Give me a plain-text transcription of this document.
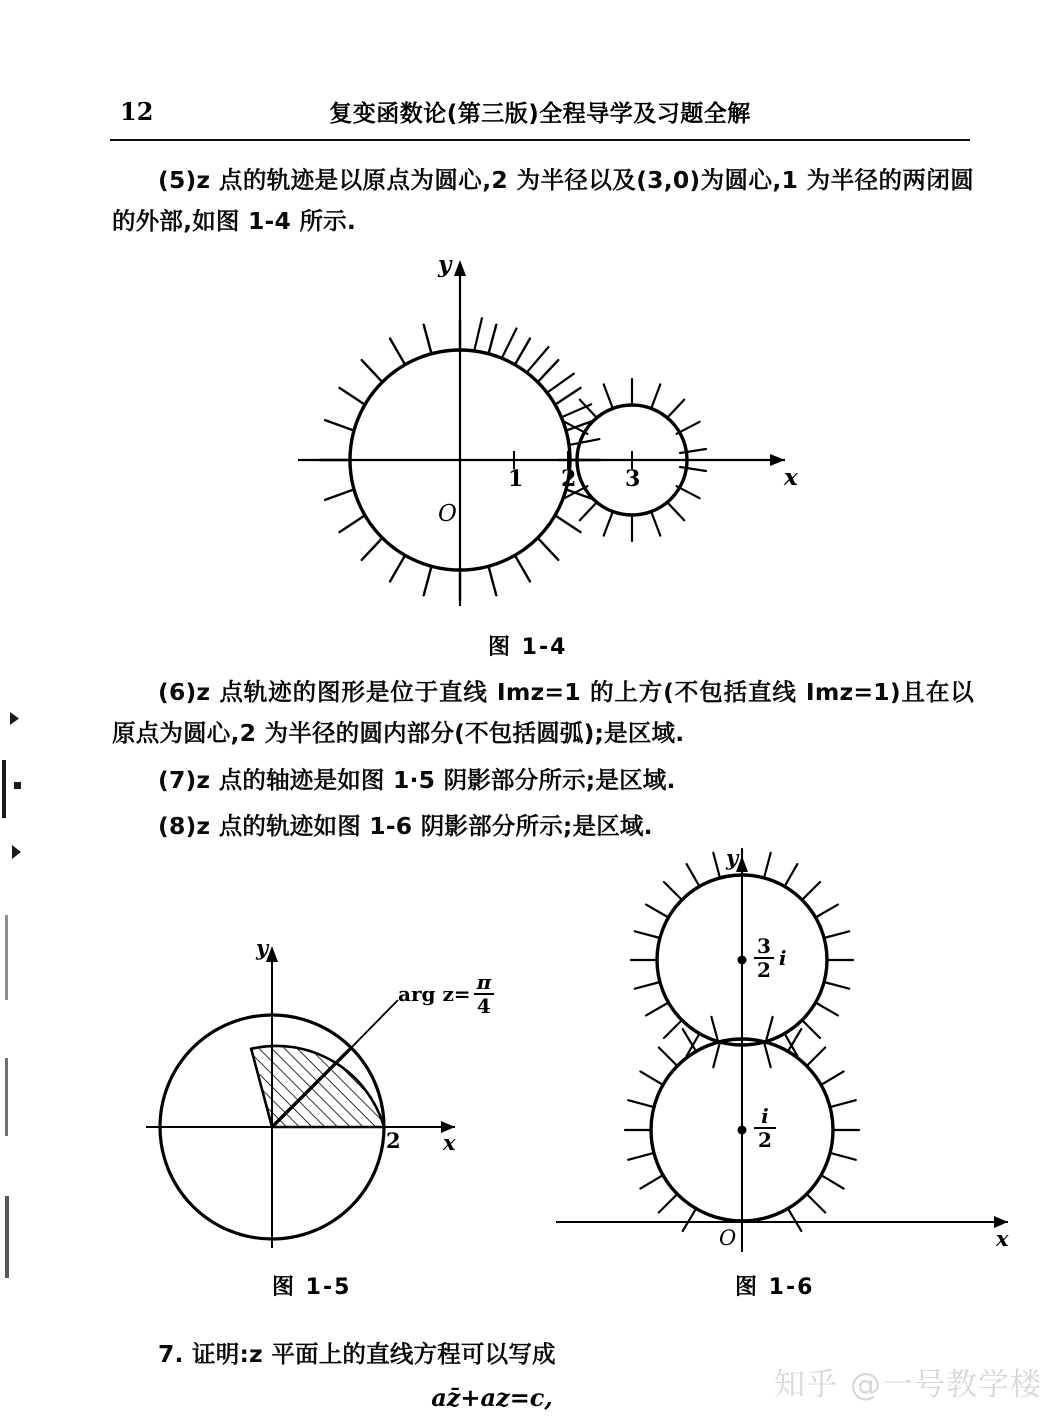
12	复变函数论(第三版)全程导学及习题全解
(5)z 点的轨迹是以原点为圆心,2 为半径以及(3,0)为圆心,1 为半径的两闭圆的外部,如图 1-4 所示.
O
1 2 3	x
y
图 1-4
(6)z 点轨迹的图形是位于直线 Imz=1 的上方(不包括直线 Imz=1)且在以原点为圆心,2 为半径的圆内部分(不包括圆弧);是区域.
(7)z 点的轴迹是如图 1·5 阴影部分所示;是区域.
(8)z 点的轨迹如图 1-6 阴影部分所示;是区域.
y
x
2
arg z= π
4
图 1-5
y
x
O
3
2 i
i
2
图 1-6
7. 证明:z 平面上的直线方程可以写成
az̄+az=c,	知乎 @一号教学楼
